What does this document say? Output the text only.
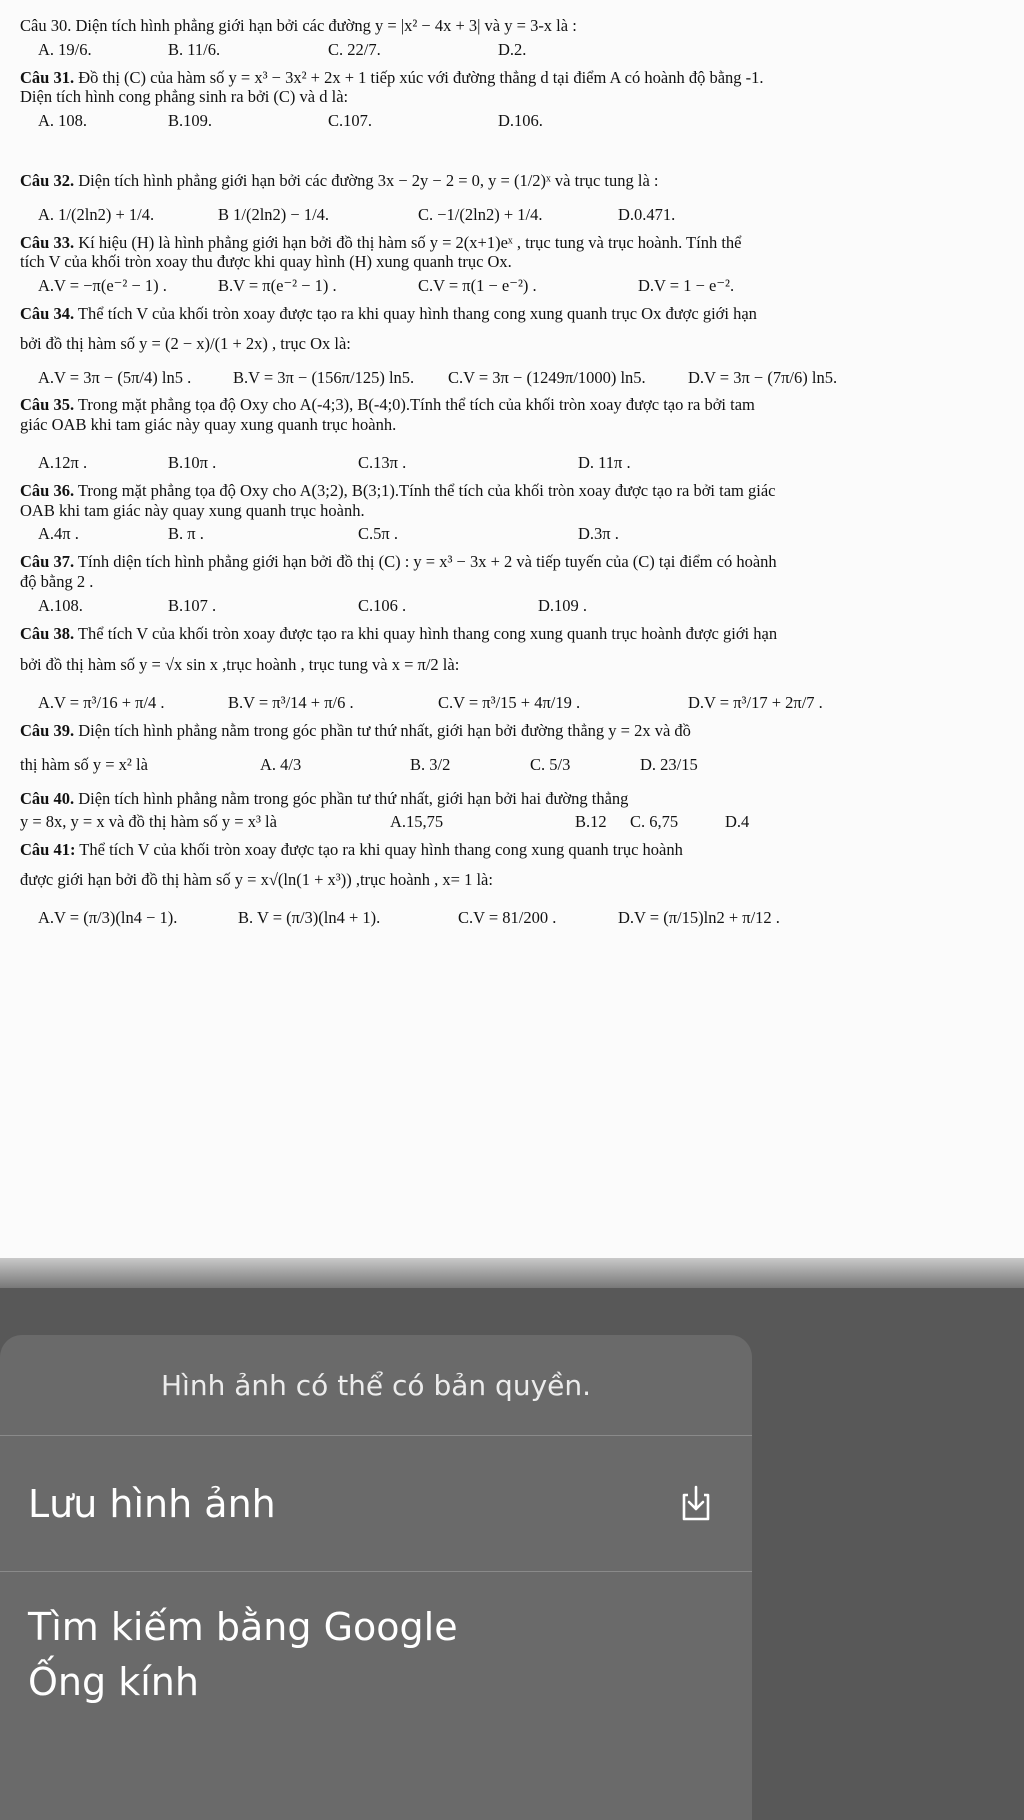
Câu 30. Diện tích hình phẳng giới hạn bởi các đường y = |x² − 4x + 3| và y = 3-x là :
A. 19/6.	B. 11/6.	C. 22/7.	D.2.
Câu 31. Đồ thị (C) của hàm số y = x³ − 3x² + 2x + 1 tiếp xúc với đường thẳng d tại điểm A có hoành độ bằng -1.
Diện tích hình cong phẳng sinh ra bởi (C) và d là:
A. 108.	B.109.	C.107.	D.106.
Câu 32. Diện tích hình phẳng giới hạn bởi các đường 3x − 2y − 2 = 0, y = (1/2)ˣ và trục tung là :
A. 1/(2ln2) + 1/4.	B 1/(2ln2) − 1/4.	C. −1/(2ln2) + 1/4.	D.0.471.
Câu 33. Kí hiệu (H) là hình phẳng giới hạn bởi đồ thị hàm số y = 2(x+1)eˣ , trục tung và trục hoành. Tính thể
tích V của khối tròn xoay thu được khi quay hình (H) xung quanh trục Ox.
A.V = −π(e⁻² − 1) .	B.V = π(e⁻² − 1) .	C.V = π(1 − e⁻²) .	D.V = 1 − e⁻².
Câu 34. Thể tích V của khối tròn xoay được tạo ra khi quay hình thang cong xung quanh trục Ox được giới hạn
bởi đồ thị hàm số y = (2 − x)/(1 + 2x) , trục Ox là:
A.V = 3π − (5π/4) ln5 .	B.V = 3π − (156π/125) ln5.	C.V = 3π − (1249π/1000) ln5.	D.V = 3π − (7π/6) ln5.
Câu 35. Trong mặt phẳng tọa độ Oxy cho A(-4;3), B(-4;0).Tính thể tích của khối tròn xoay được tạo ra bởi tam
giác OAB khi tam giác này quay xung quanh trục hoành.
A.12π .	B.10π .	C.13π .	D. 11π .
Câu 36. Trong mặt phẳng tọa độ Oxy cho A(3;2), B(3;1).Tính thể tích của khối tròn xoay được tạo ra bởi tam giác
OAB khi tam giác này quay xung quanh trục hoành.
A.4π .	B. π .	C.5π .	D.3π .
Câu 37. Tính diện tích hình phẳng giới hạn bởi đồ thị (C) : y = x³ − 3x + 2 và tiếp tuyến của (C) tại điểm có hoành
độ bằng 2 .
A.108.	B.107 .	C.106 .	D.109 .
Câu 38. Thể tích V của khối tròn xoay được tạo ra khi quay hình thang cong xung quanh trục hoành được giới hạn
bởi đồ thị hàm số y = √x sin x ,trục hoành , trục tung và x = π/2 là:
A.V = π³/16 + π/4 .	B.V = π³/14 + π/6 .	C.V = π³/15 + 4π/19 .	D.V = π³/17 + 2π/7 .
Câu 39. Diện tích hình phẳng nằm trong góc phần tư thứ nhất, giới hạn bởi đường thẳng y = 2x và đồ
thị hàm số y = x² là	A. 4/3	B. 3/2	C. 5/3	D. 23/15
Câu 40. Diện tích hình phẳng nằm trong góc phần tư thứ nhất, giới hạn bởi hai đường thẳng
y = 8x, y = x và đồ thị hàm số y = x³ là	A.15,75	B.12	C. 6,75	D.4
Câu 41: Thể tích V của khối tròn xoay được tạo ra khi quay hình thang cong xung quanh trục hoành
được giới hạn bởi đồ thị hàm số y = x√(ln(1 + x³)) ,trục hoành , x= 1 là:
A.V = (π/3)(ln4 − 1).	B. V = (π/3)(ln4 + 1).	C.V = 81/200 .	D.V = (π/15)ln2 + π/12 .
Hình ảnh có thể có bản quyền.
Lưu hình ảnh
Tìm kiếm bằng Google
Ống kính
